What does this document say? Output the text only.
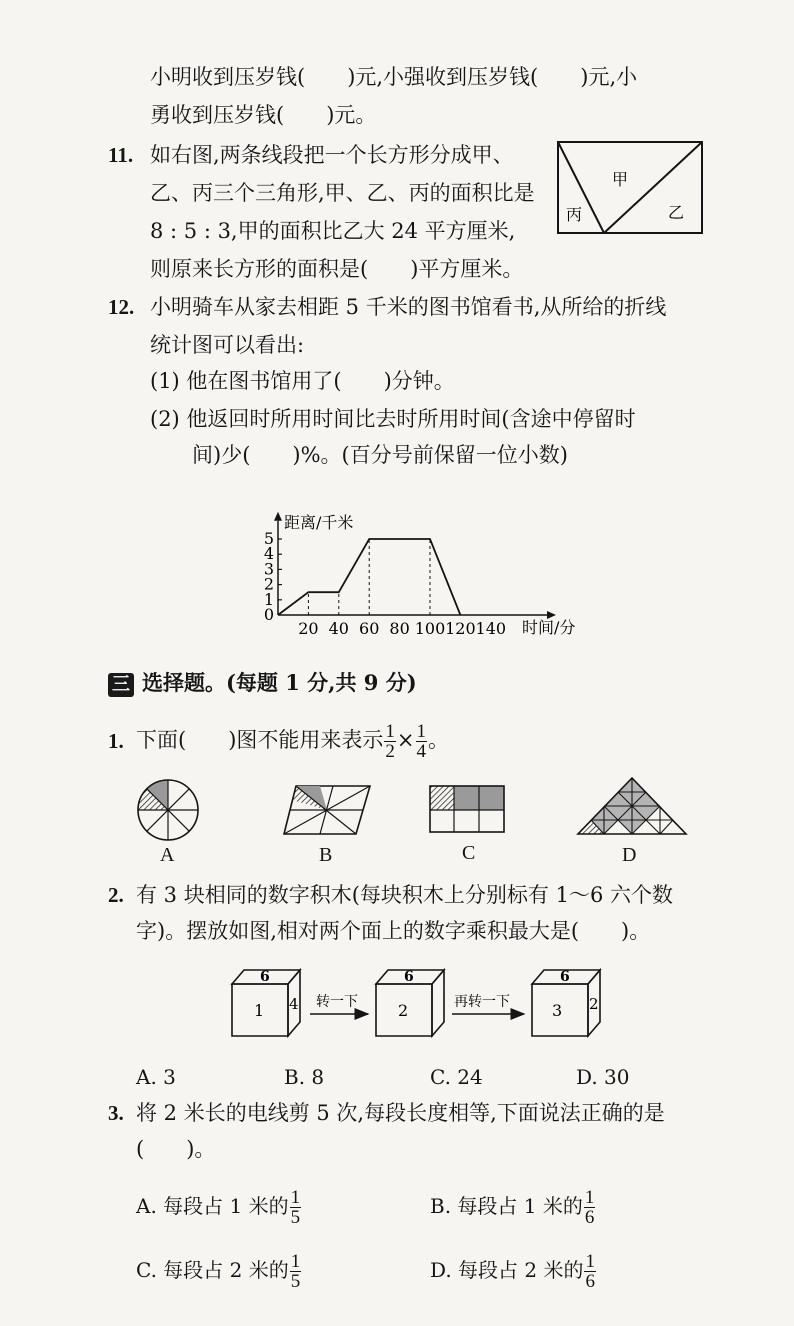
小明收到压岁钱(　　)元,小强收到压岁钱(　　)元,小
勇收到压岁钱(　　)元。
11. 如右图,两条线段把一个长方形分成甲、
乙、丙三个三角形,甲、乙、丙的面积比是
8 : 5 : 3,甲的面积比乙大 24 平方厘米,
则原来长方形的面积是(　　)平方厘米。
甲
乙
丙
12. 小明骑车从家去相距 5 千米的图书馆看书,从所给的折线
统计图可以看出:
(1) 他在图书馆用了(　　)分钟。
(2) 他返回时所用时间比去时所用时间(含途中停留时
间)少(　　)%。(百分号前保留一位小数)
0
1
2
3
4
5
20 40 60 80 100 120 140
距离/千米
时间/分
三 选择题。(每题 1 分,共 9 分)
1. 下面(　　)图不能用来表示 $\frac{1}{2} \times \frac{1}{4}$ 。
A	B	C	D
2. 有 3 块相同的数字积木(每块积木上分别标有 1～6 六个数
字)。摆放如图,相对两个面上的数字乘积最大是(　　)。
6
1 4 转一下
6
2	再转一下
6
3 2
A. 3	B. 8	C. 24	D. 30
3. 将 2 米长的电线剪 5 次,每段长度相等,下面说法正确的是
(　　)。
A. 每段占 1 米的 $\frac{1}{5}$	B. 每段占 1 米的 $\frac{1}{6}$
C. 每段占 2 米的 $\frac{1}{5}$	D. 每段占 2 米的 $\frac{1}{6}$
